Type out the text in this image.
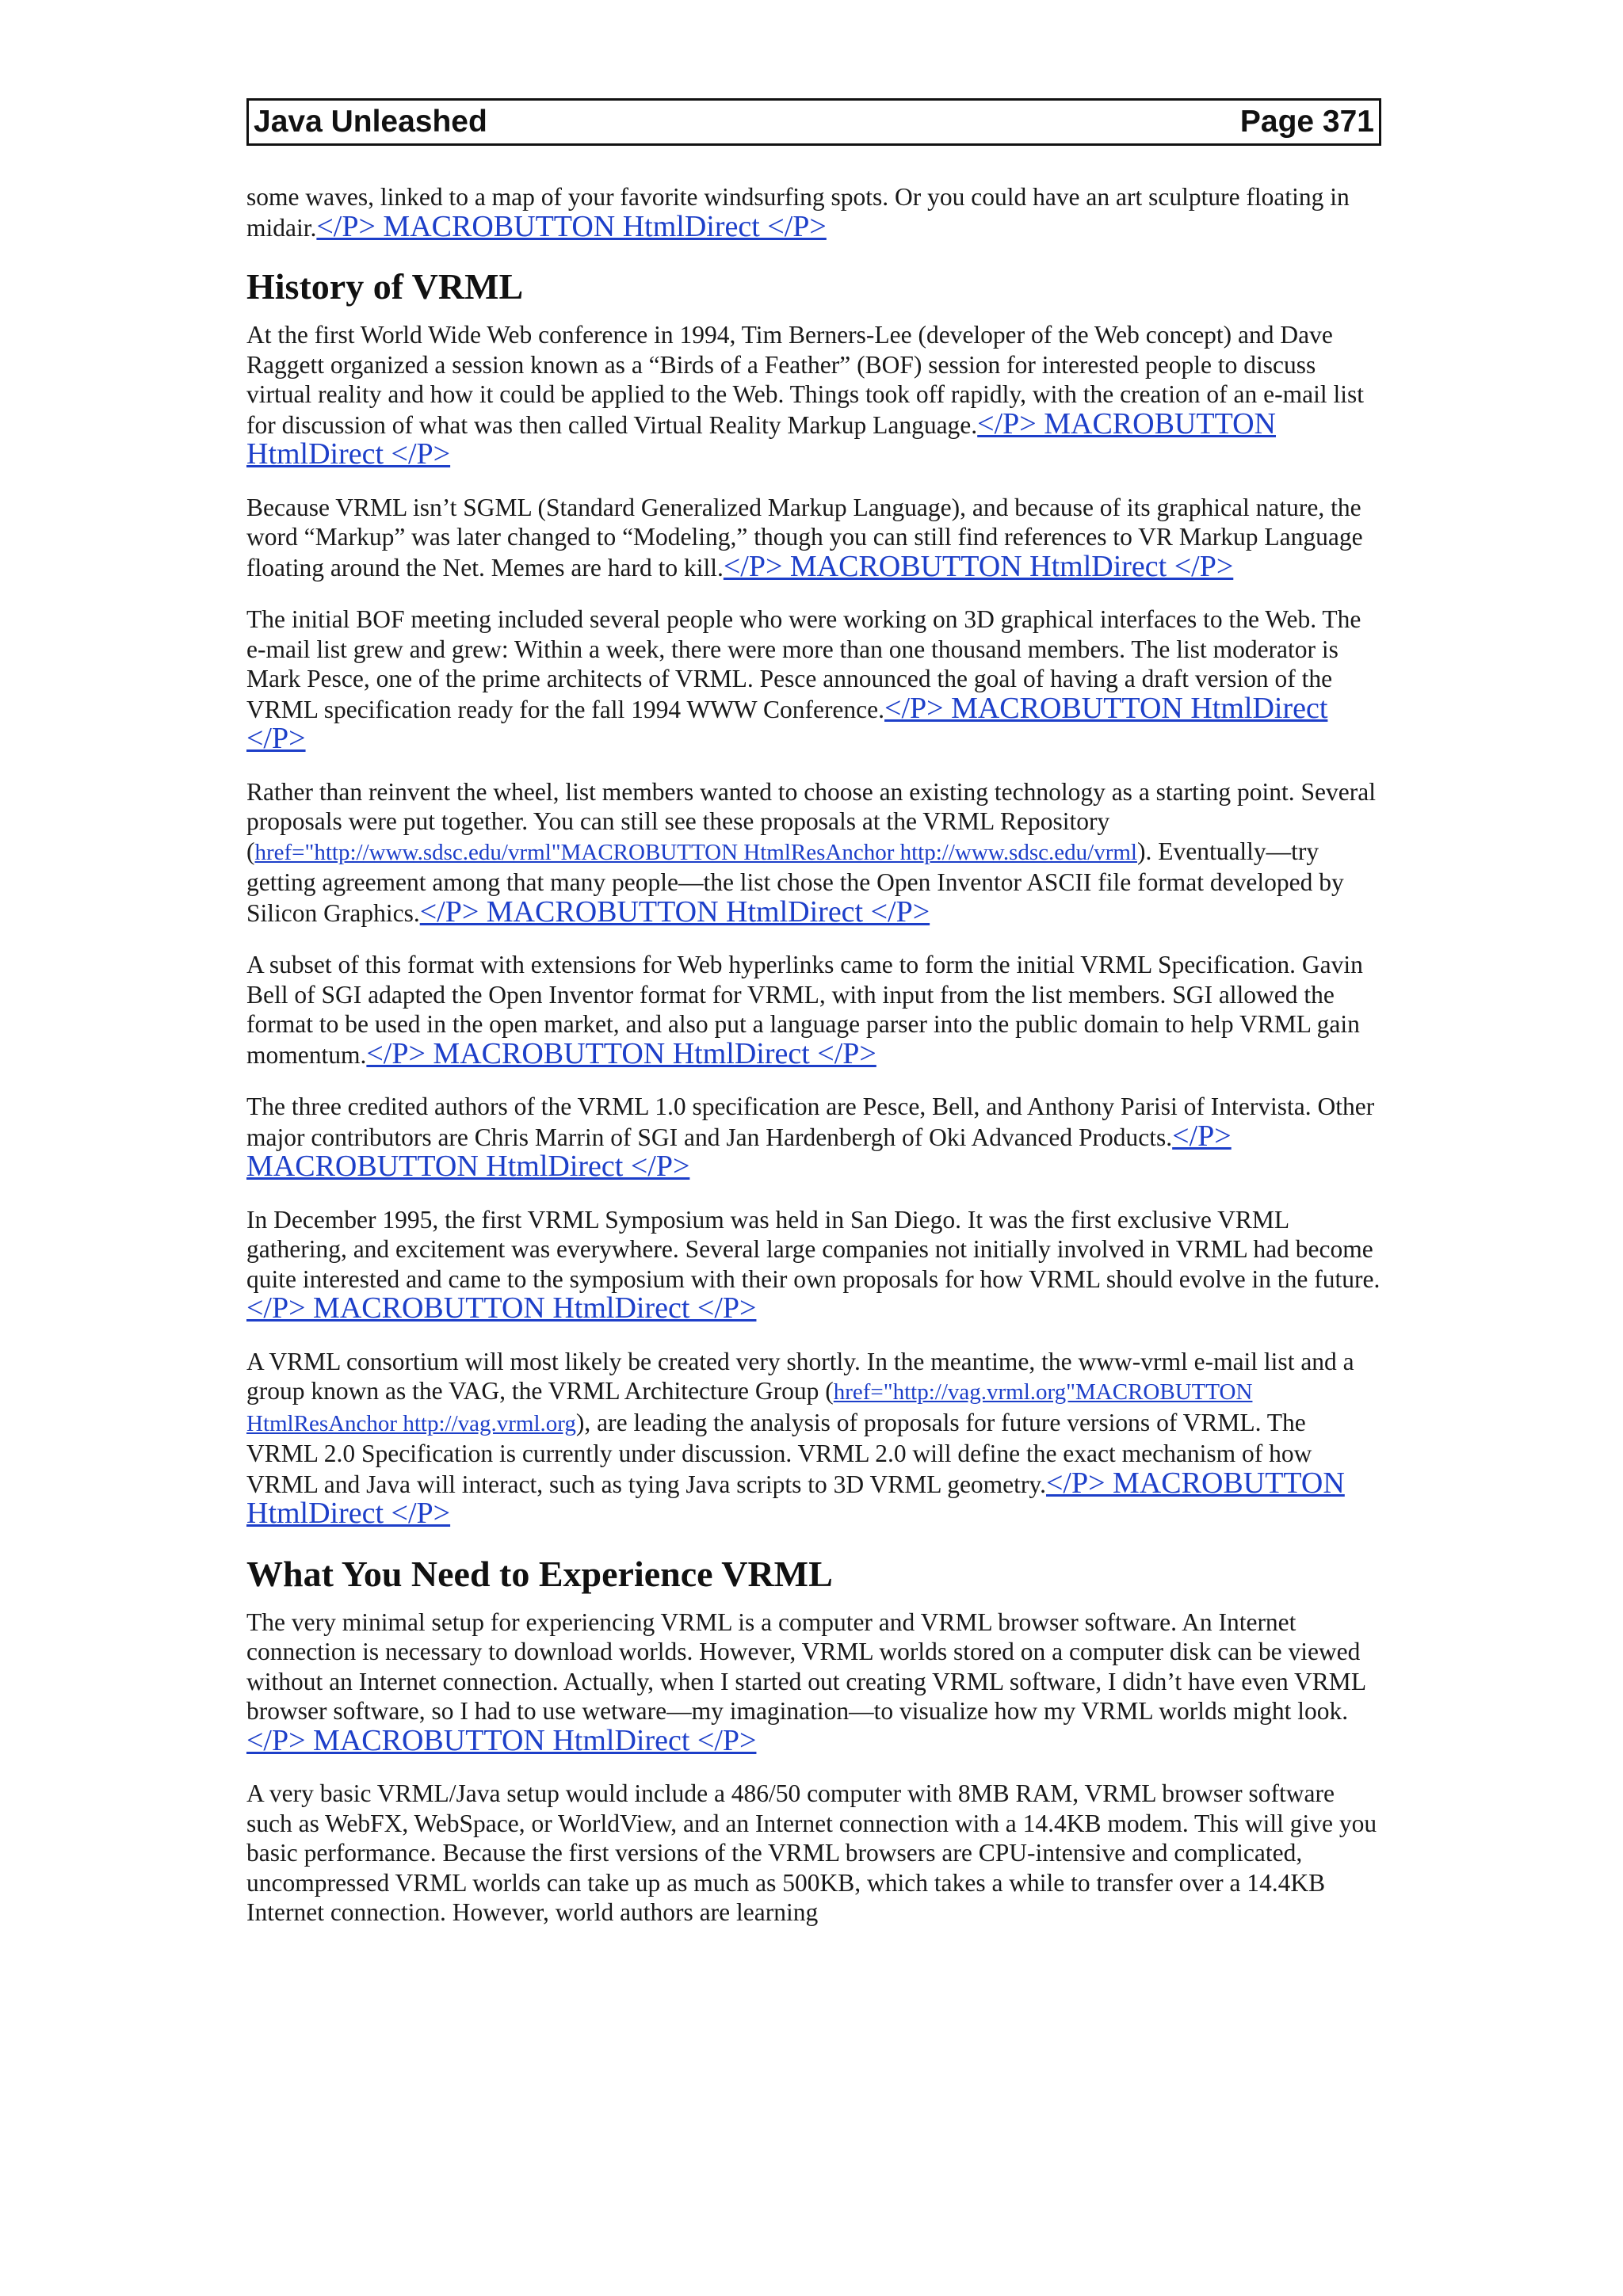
Java Unleashed	Page 371

some waves, linked to a map of your favorite windsurfing spots. Or you could have an art sculpture floating in midair.</P> MACROBUTTON HtmlDirect </P>

History of VRML

At the first World Wide Web conference in 1994, Tim Berners-Lee (developer of the Web concept) and Dave Raggett organized a session known as a “Birds of a Feather” (BOF) session for interested people to discuss virtual reality and how it could be applied to the Web. Things took off rapidly, with the creation of an e-mail list for discussion of what was then called Virtual Reality Markup Language.</P> MACROBUTTON HtmlDirect </P>

Because VRML isn’t SGML (Standard Generalized Markup Language), and because of its graphical nature, the word “Markup” was later changed to “Modeling,” though you can still find references to VR Markup Language floating around the Net. Memes are hard to kill.</P> MACROBUTTON HtmlDirect </P>

The initial BOF meeting included several people who were working on 3D graphical interfaces to the Web. The e-mail list grew and grew: Within a week, there were more than one thousand members. The list moderator is Mark Pesce, one of the prime architects of VRML. Pesce announced the goal of having a draft version of the VRML specification ready for the fall 1994 WWW Conference.</P> MACROBUTTON HtmlDirect </P>

Rather than reinvent the wheel, list members wanted to choose an existing technology as a starting point. Several proposals were put together. You can still see these proposals at the VRML Repository (href="http://www.sdsc.edu/vrml"MACROBUTTON HtmlResAnchor http://www.sdsc.edu/vrml). Eventually—try getting agreement among that many people—the list chose the Open Inventor ASCII file format developed by Silicon Graphics.</P> MACROBUTTON HtmlDirect </P>

A subset of this format with extensions for Web hyperlinks came to form the initial VRML Specification. Gavin Bell of SGI adapted the Open Inventor format for VRML, with input from the list members. SGI allowed the format to be used in the open market, and also put a language parser into the public domain to help VRML gain momentum.</P> MACROBUTTON HtmlDirect </P>

The three credited authors of the VRML 1.0 specification are Pesce, Bell, and Anthony Parisi of Intervista. Other major contributors are Chris Marrin of SGI and Jan Hardenbergh of Oki Advanced Products.</P> MACROBUTTON HtmlDirect </P>

In December 1995, the first VRML Symposium was held in San Diego. It was the first exclusive VRML gathering, and excitement was everywhere. Several large companies not initially involved in VRML had become quite interested and came to the symposium with their own proposals for how VRML should evolve in the future.</P> MACROBUTTON HtmlDirect </P>

A VRML consortium will most likely be created very shortly. In the meantime, the www-vrml e-mail list and a group known as the VAG, the VRML Architecture Group (href="http://vag.vrml.org"MACROBUTTON HtmlResAnchor http://vag.vrml.org), are leading the analysis of proposals for future versions of VRML. The VRML 2.0 Specification is currently under discussion. VRML 2.0 will define the exact mechanism of how VRML and Java will interact, such as tying Java scripts to 3D VRML geometry.</P> MACROBUTTON HtmlDirect </P>

What You Need to Experience VRML

The very minimal setup for experiencing VRML is a computer and VRML browser software. An Internet connection is necessary to download worlds. However, VRML worlds stored on a computer disk can be viewed without an Internet connection. Actually, when I started out creating VRML software, I didn’t have even VRML browser software, so I had to use wetware—my imagination—to visualize how my VRML worlds might look.</P> MACROBUTTON HtmlDirect </P>

A very basic VRML/Java setup would include a 486/50 computer with 8MB RAM, VRML browser software such as WebFX, WebSpace, or WorldView, and an Internet connection with a 14.4KB modem. This will give you basic performance. Because the first versions of the VRML browsers are CPU-intensive and complicated, uncompressed VRML worlds can take up as much as 500KB, which takes a while to transfer over a 14.4KB Internet connection. However, world authors are learning
